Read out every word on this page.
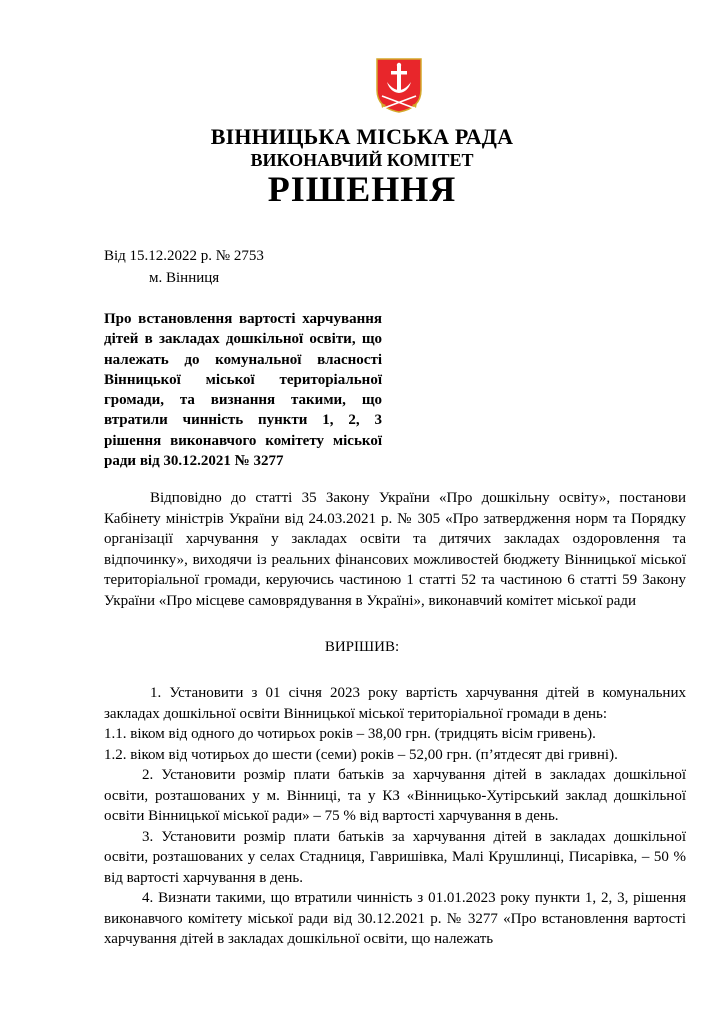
ВІННИЦЬКА МІСЬКА РАДА
ВИКОНАВЧИЙ КОМІТЕТ
РІШЕННЯ
Від 15.12.2022 р. № 2753
м. Вінниця
Про встановлення вартості харчування дітей в закладах дошкільної освіти, що належать до комунальної власності Вінницької міської територіальної громади, та визнання такими, що втратили чинність пункти 1, 2, 3 рішення виконавчого комітету міської ради від 30.12.2021 № 3277

Відповідно до статті 35 Закону України «Про дошкільну освіту», постанови Кабінету міністрів України від 24.03.2021 р. № 305 «Про затвердження норм та Порядку організації харчування у закладах освіти та дитячих закладах оздоровлення та відпочинку», виходячи із реальних фінансових можливостей бюджету Вінницької міської територіальної громади, керуючись частиною 1 статті 52 та частиною 6 статті 59 Закону України «Про місцеве самоврядування в Україні», виконавчий комітет міської ради

ВИРІШИВ:
1. Установити з 01 січня 2023 року вартість харчування дітей в комунальних закладах дошкільної освіти Вінницької міської територіальної громади в день:
1.1. віком від одного до чотирьох років – 38,00 грн. (тридцять вісім гривень).
1.2. віком від чотирьох до шести (семи) років – 52,00 грн. (п’ятдесят дві гривні).
2. Установити розмір плати батьків за харчування дітей в закладах дошкільної освіти, розташованих у м. Вінниці, та у КЗ «Вінницько-Хутірський заклад дошкільної освіти Вінницької міської ради» – 75 % від вартості харчування в день.
3. Установити розмір плати батьків за харчування дітей в закладах дошкільної освіти, розташованих у селах Стадниця, Гавришівка, Малі Крушлинці, Писарівка, – 50 % від вартості харчування в день.
4. Визнати такими, що втратили чинність з 01.01.2023 року пункти 1, 2, 3, рішення виконавчого комітету міської ради від 30.12.2021 р. № 3277 «Про встановлення вартості харчування дітей в закладах дошкільної освіти, що належать
